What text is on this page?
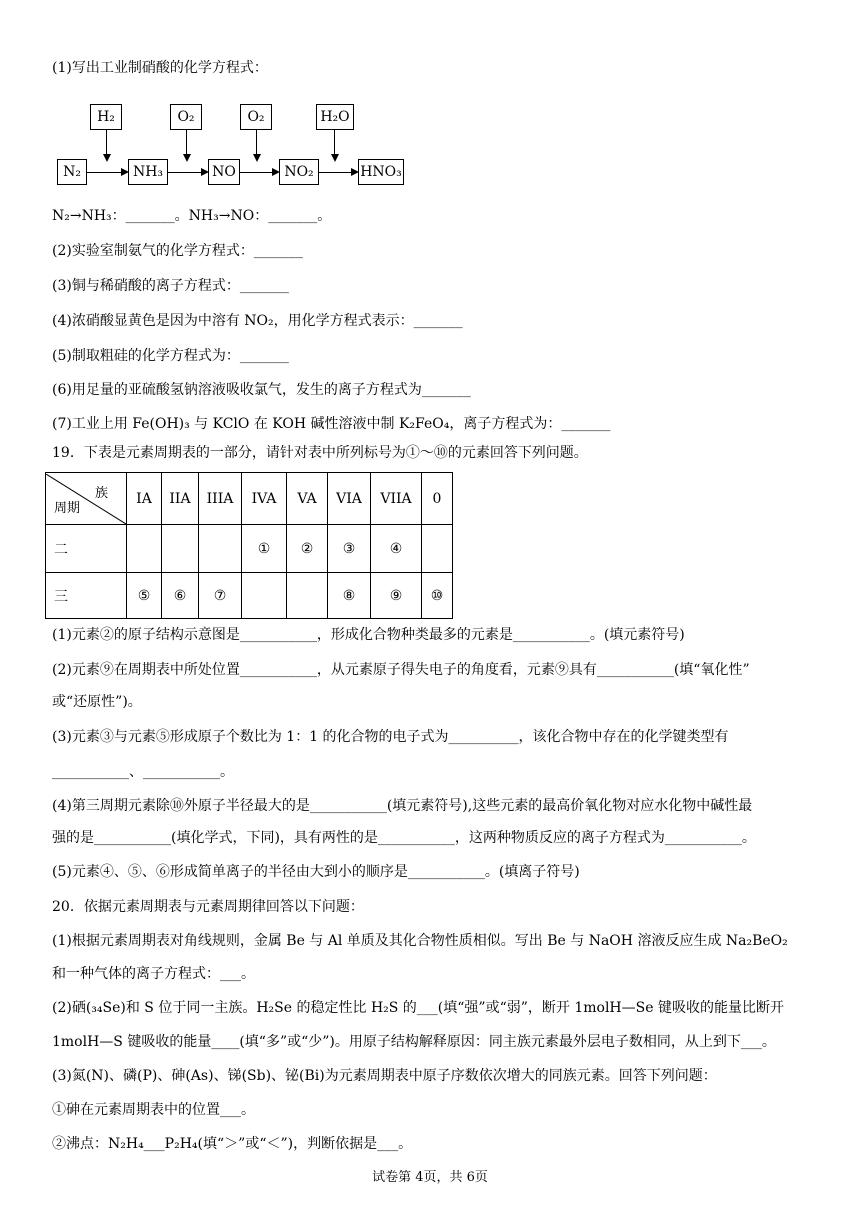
(1)写出工业制硝酸的化学方程式：
H₂	O₂	O₂	H₂O
N₂	NH₃	NO	NO₂	HNO₃
N₂→NH₃：_______。NH₃→NO：_______。
(2)实验室制氨气的化学方程式：_______
(3)铜与稀硝酸的离子方程式：_______
(4)浓硝酸显黄色是因为中溶有 NO₂，用化学方程式表示：_______
(5)制取粗硅的化学方程式为：_______
(6)用足量的亚硫酸氢钠溶液吸收氯气，发生的离子方程式为_______
(7)工业上用 Fe(OH)₃ 与 KClO 在 KOH 碱性溶液中制 K₂FeO₄，离子方程式为：_______
19．下表是元素周期表的一部分，请针对表中所列标号为①～⑩的元素回答下列问题。
族
周期	IA	IIA	IIIA	IVA	VA	VIA	VIIA	0
二				①	②	③	④	
三	⑤	⑥	⑦			⑧	⑨	⑩
(1)元素②的原子结构示意图是___________，形成化合物种类最多的元素是___________。(填元素符号)
(2)元素⑨在周期表中所处位置___________，从元素原子得失电子的角度看，元素⑨具有___________(填“氧化性”
或“还原性”)。
(3)元素③与元素⑤形成原子个数比为 1：1 的化合物的电子式为__________，该化合物中存在的化学键类型有
___________、___________。
(4)第三周期元素除⑩外原子半径最大的是___________(填元素符号),这些元素的最高价氧化物对应水化物中碱性最
强的是___________(填化学式，下同)，具有两性的是___________，这两种物质反应的离子方程式为___________。
(5)元素④、⑤、⑥形成简单离子的半径由大到小的顺序是___________。(填离子符号)
20．依据元素周期表与元素周期律回答以下问题：
(1)根据元素周期表对角线规则，金属 Be 与 Al 单质及其化合物性质相似。写出 Be 与 NaOH 溶液反应生成 Na₂BeO₂
和一种气体的离子方程式：___。
(2)硒(₃₄Se)和 S 位于同一主族。H₂Se 的稳定性比 H₂S 的___(填“强”或“弱”，断开 1molH—Se 键吸收的能量比断开
1molH—S 键吸收的能量____(填“多”或“少”)。用原子结构解释原因：同主族元素最外层电子数相同，从上到下___。
(3)氮(N)、磷(P)、砷(As)、锑(Sb)、铋(Bi)为元素周期表中原子序数依次增大的同族元素。回答下列问题：
①砷在元素周期表中的位置___。
②沸点：N₂H₄___P₂H₄(填“＞”或“＜”)，判断依据是___。
试卷第 4页，共 6页
